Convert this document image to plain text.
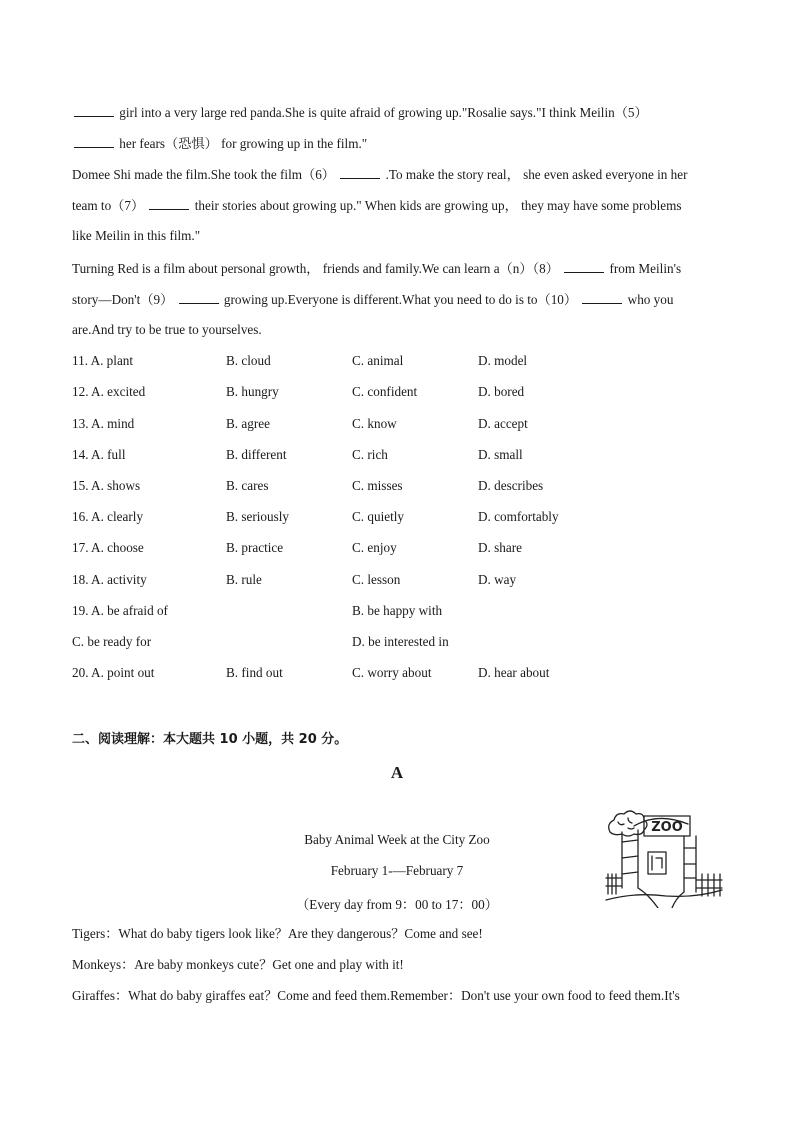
girl into a very large red panda.She is quite afraid of growing up."Rosalie says."I think Meilin（5）
her fears（恐惧） for growing up in the film."
Domee Shi made the film.She took the film（6）	.To make the story real， she even asked everyone in her
team to（7）	their stories about growing up." When kids are growing up， they may have some problems
like Meilin in this film."
Turning Red is a film about personal growth， friends and family.We can learn a（n）（8）	from Meilin's
story—Don't（9）	growing up.Everyone is different.What you need to do is to（10）	who you
are.And try to be true to yourselves.
11. A. plant	B. cloud	C. animal	D. model
12. A. excited	B. hungry	C. confident	D. bored
13. A. mind	B. agree	C. know	D. accept
14. A. full	B. different	C. rich	D. small
15. A. shows	B. cares	C. misses	D. describes
16. A. clearly	B. seriously	C. quietly	D. comfortably
17. A. choose	B. practice	C. enjoy	D. share
18. A. activity	B. rule	C. lesson	D. way
19. A. be afraid of	B. be happy with
C. be ready for	D. be interested in
20. A. point out	B. find out	C. worry about	D. hear about
二、阅读理解：本大题共 10 小题，共 20 分。
A
ZOO
Baby Animal Week at the City Zoo
February 1-—February 7
（Every day from 9：00 to 17：00）
Tigers：What do baby tigers look like？Are they dangerous？Come and see!
Monkeys：Are baby monkeys cute？Get one and play with it!
Giraffes：What do baby giraffes eat？Come and feed them.Remember：Don't use your own food to feed them.It's
